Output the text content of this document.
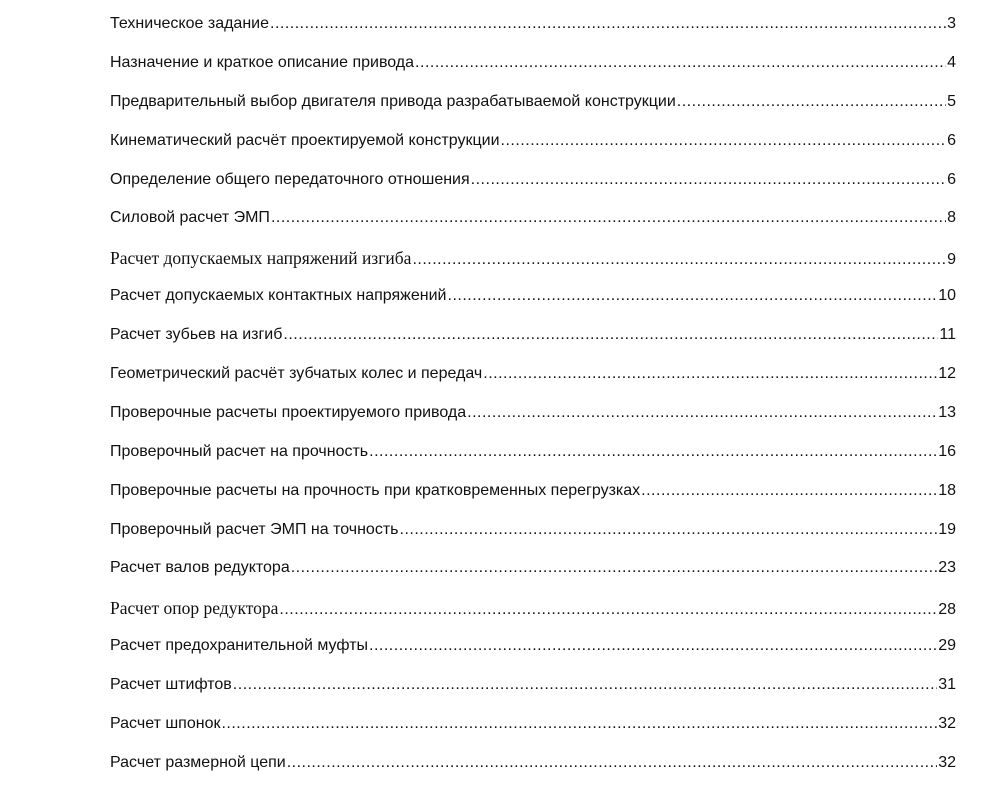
Техническое задание .....	3
Назначение и краткое описание привода .....	4
Предварительный выбор двигателя привода разрабатываемой конструкции .....	5
Кинематический расчёт проектируемой конструкции .....	6
Определение общего передаточного отношения .....	6
Силовой расчет ЭМП .....	8
Расчет допускаемых напряжений изгиба .....	9
Расчет допускаемых контактных напряжений .....	10
Расчет зубьев на изгиб .....	11
Геометрический расчёт зубчатых колес и передач .....	12
Проверочные расчеты проектируемого привода .....	13
Проверочный расчет на прочность .....	16
Проверочные расчеты на прочность при кратковременных перегрузках .....	18
Проверочный расчет ЭМП на точность .....	19
Расчет валов редуктора .....	23
Расчет опор редуктора .....	28
Расчет предохранительной муфты .....	29
Расчет штифтов .....	31
Расчет шпонок .....	32
Расчет размерной цепи .....	32
